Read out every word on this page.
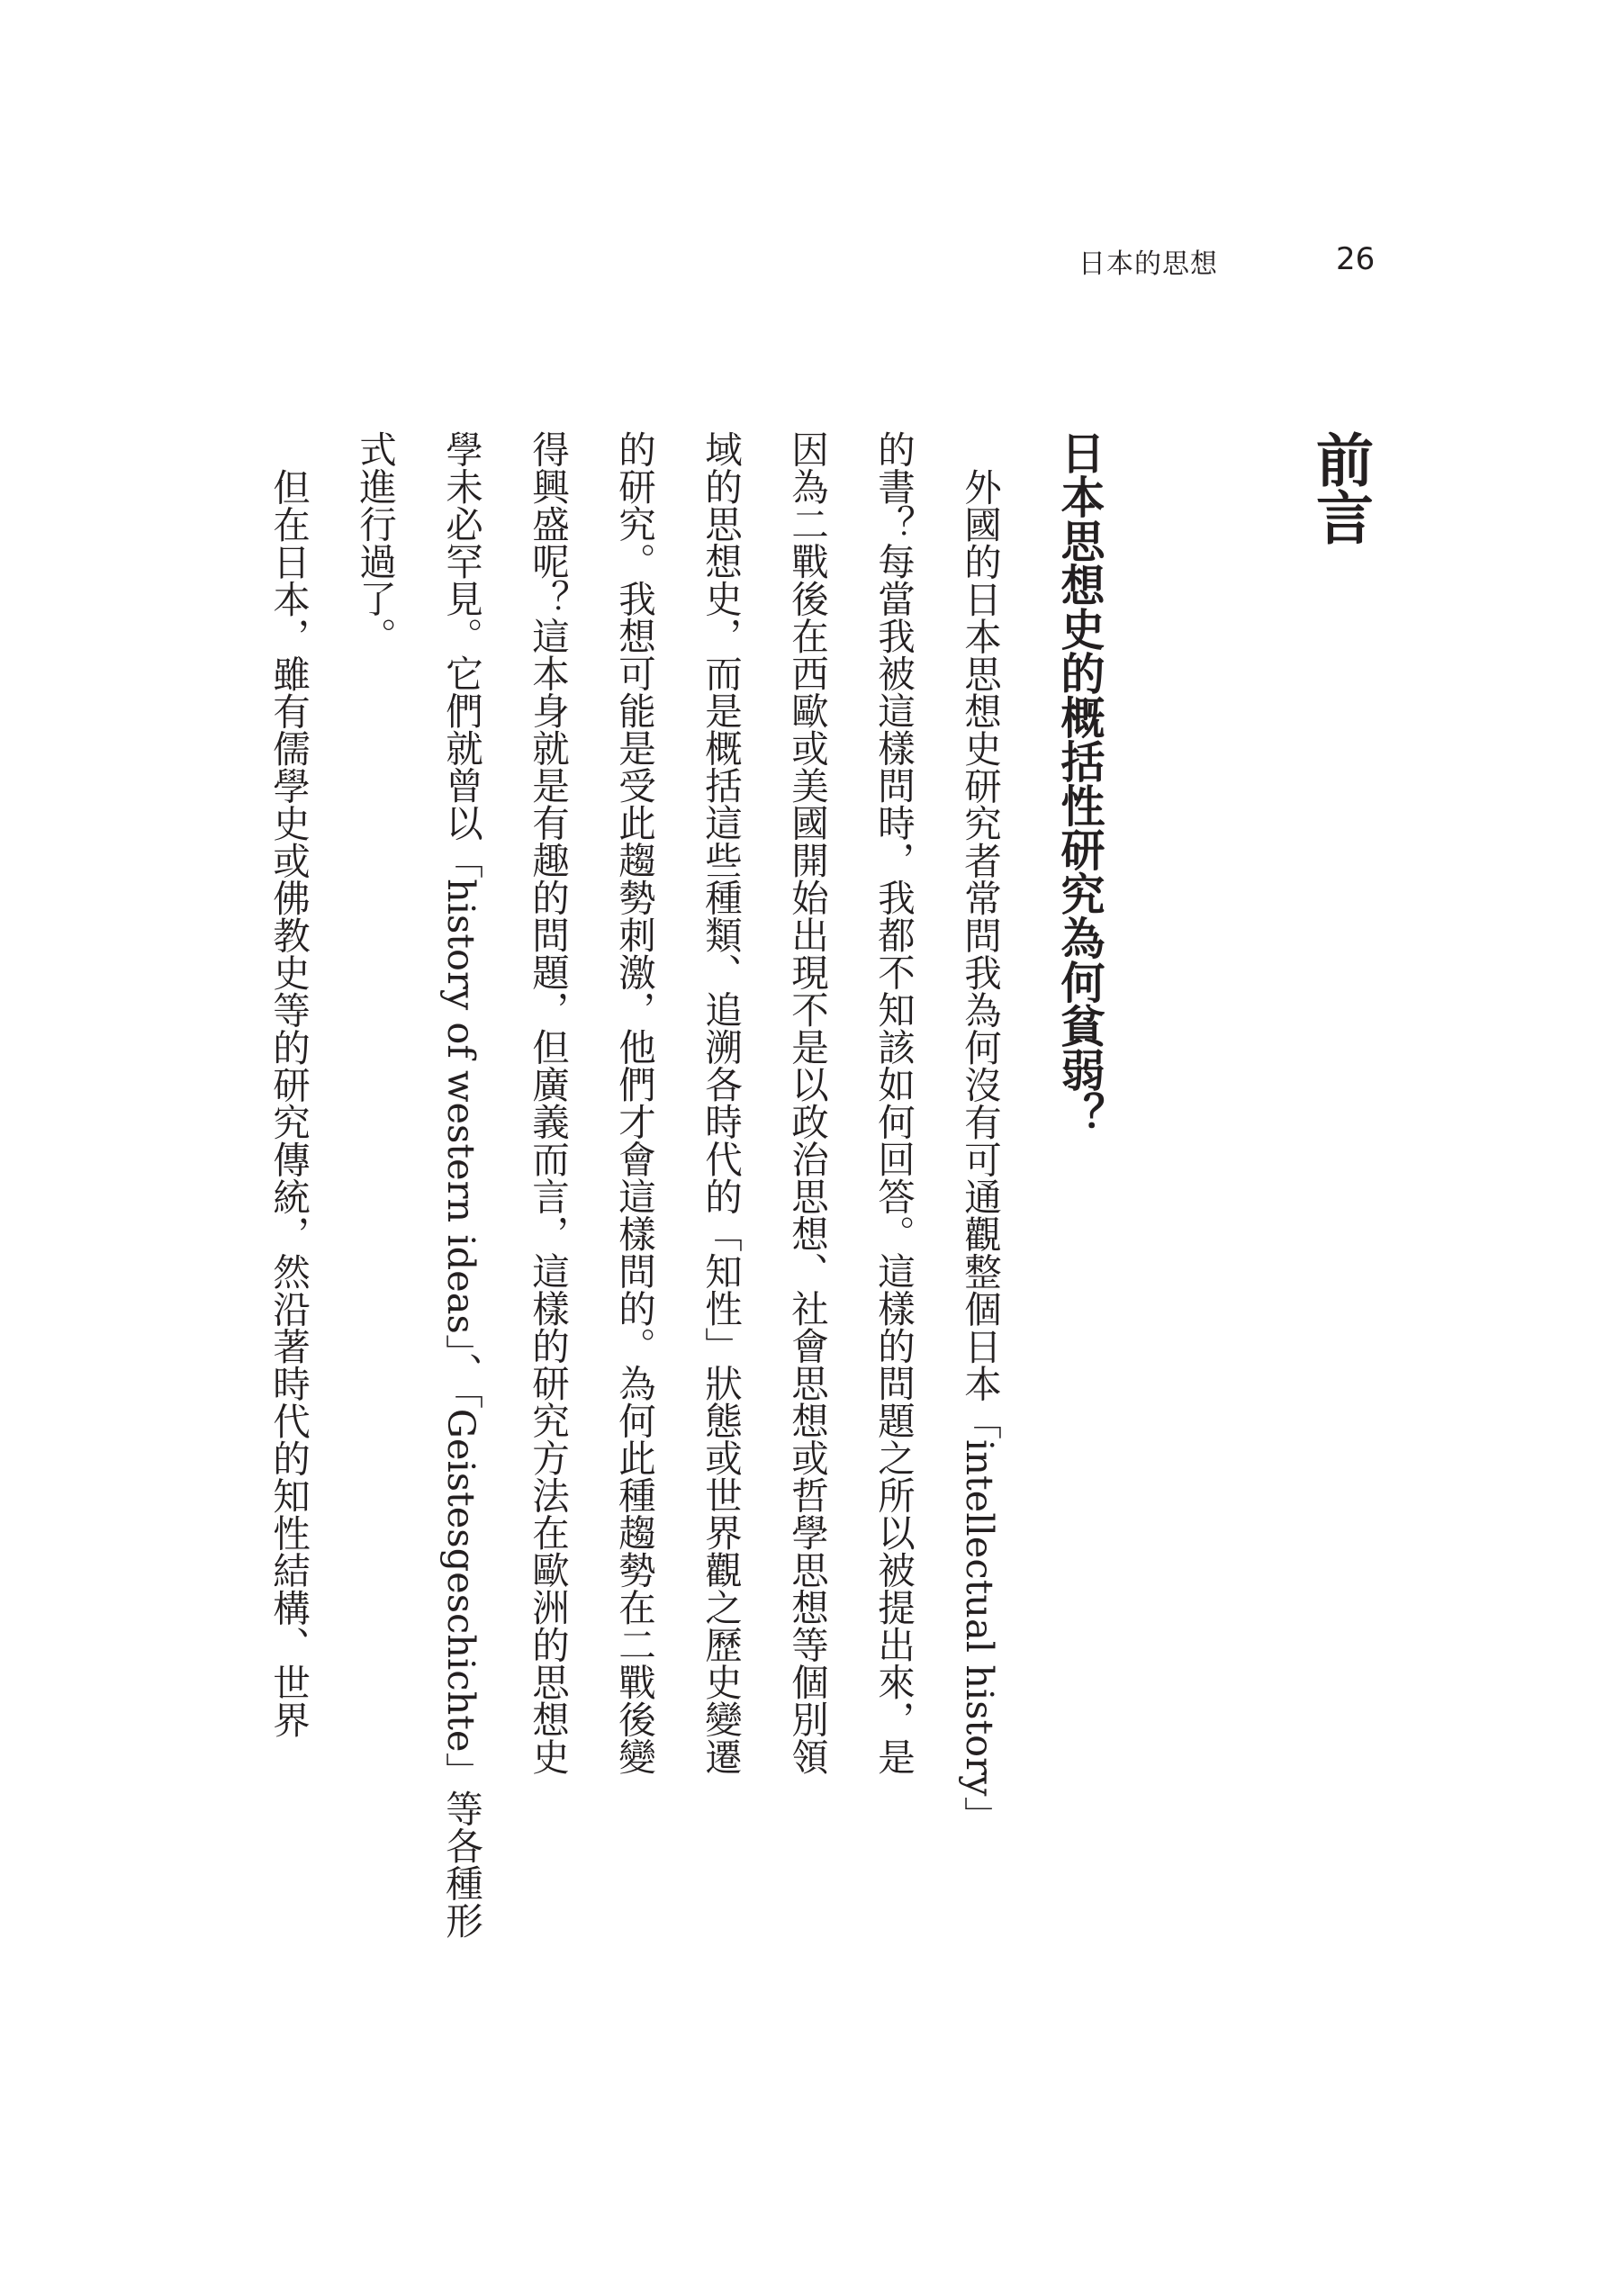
日本的思想	26
前言
日本思想史的概括性研究為何貧弱？

外國的日本思想史研究者常問我為何沒有可通觀整個日本「intellectual history」
的書？每當我被這樣問時，我都不知該如何回答。這樣的問題之所以被提出來，是
因為二戰後在西歐或美國開始出現不是以政治思想、社會思想或哲學思想等個別領
域的思想史，而是概括這些種類、追溯各時代的「知性」狀態或世界觀之歷史變遷
的研究。我想可能是受此趨勢刺激，他們才會這樣問的。為何此種趨勢在二戰後變
得興盛呢？這本身就是有趣的問題，但廣義而言，這樣的研究方法在歐洲的思想史
學未必罕見。它們就曾以「history of western ideas」、「Geistesgeschichte」等各種形
式進行過了。

但在日本，雖有儒學史或佛教史等的研究傳統，然沿著時代的知性結構、世界
